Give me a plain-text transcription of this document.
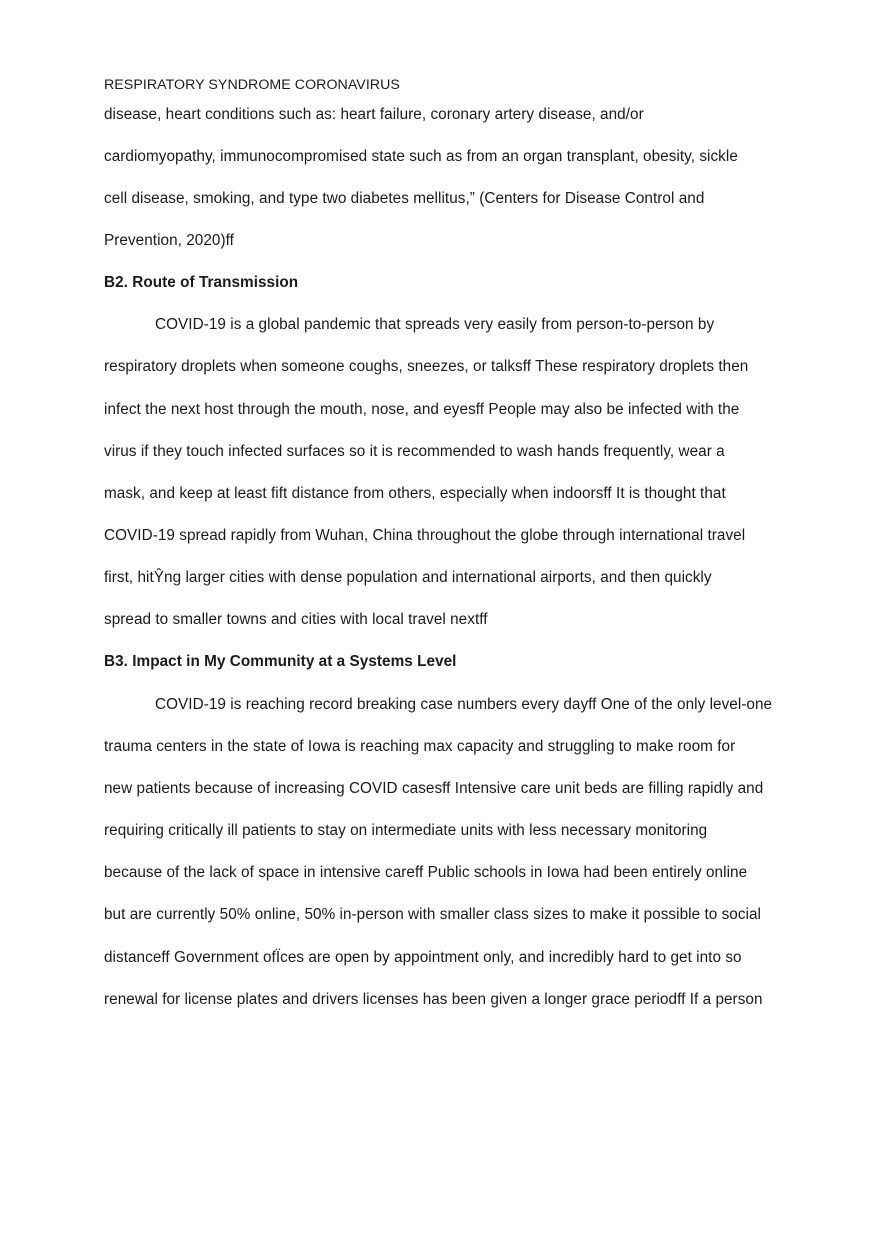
RESPIRATORY SYNDROME CORONAVIRUS
disease, heart conditions such as: heart failure, coronary artery disease, and/or
cardiomyopathy, immunocompromised state such as from an organ transplant, obesity, sickle
cell disease, smoking, and type two diabetes mellitus,” (Centers for Disease Control and
Prevention, 2020)ff
B2. Route of Transmission
COVID-19 is a global pandemic that spreads very easily from person-to-person by
respiratory droplets when someone coughs, sneezes, or talksff These respiratory droplets then
infect the next host through the mouth, nose, and eyesff People may also be infected with the
virus if they touch infected surfaces so it is recommended to wash hands frequently, wear a
mask, and keep at least fift distance from others, especially when indoorsff It is thought that
COVID-19 spread rapidly from Wuhan, China throughout the globe through international travel
first, hitŶng larger cities with dense population and international airports, and then quickly
spread to smaller towns and cities with local travel nextff
B3. Impact in My Community at a Systems Level
COVID-19 is reaching record breaking case numbers every dayff One of the only level-one
trauma centers in the state of Iowa is reaching max capacity and struggling to make room for
new patients because of increasing COVID casesff Intensive care unit beds are filling rapidly and
requiring critically ill patients to stay on intermediate units with less necessary monitoring
because of the lack of space in intensive careff Public schools in Iowa had been entirely online
but are currently 50% online, 50% in-person with smaller class sizes to make it possible to social
distanceff Government ofÏces are open by appointment only, and incredibly hard to get into so
renewal for license plates and drivers licenses has been given a longer grace periodff If a person
